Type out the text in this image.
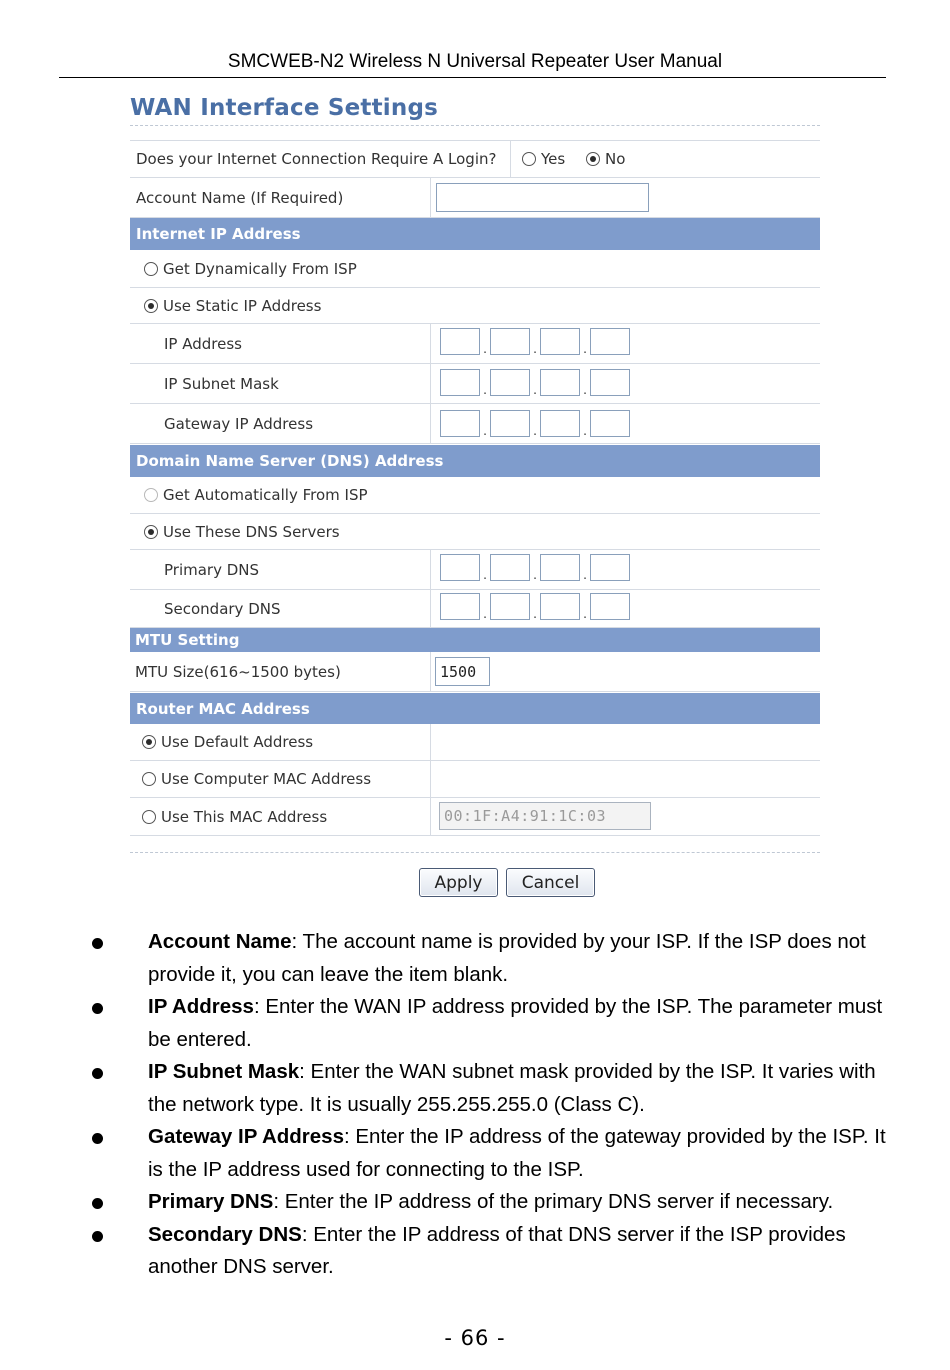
SMCWEB-N2 Wireless N Universal Repeater User Manual
WAN Interface Settings
Does your Internet Connection Require A Login?	Yes	No
Account Name (If Required)
Internet IP Address
Get Dynamically From ISP
Use Static IP Address
IP Address	.	.	.
IP Subnet Mask	.	.	.
Gateway IP Address	.	.	.
Domain Name Server (DNS) Address
Get Automatically From ISP
Use These DNS Servers
Primary DNS	.	.	.
Secondary DNS	.	.	.
MTU Setting
MTU Size(616~1500 bytes)	1500
Router MAC Address
Use Default Address
Use Computer MAC Address
Use This MAC Address	00:1F:A4:91:1C:03
Apply	Cancel
Account Name: The account name is provided by your ISP. If the ISP does not provide it, you can leave the item blank.
IP Address: Enter the WAN IP address provided by the ISP. The parameter must be entered.
IP Subnet Mask: Enter the WAN subnet mask provided by the ISP. It varies with the network type. It is usually 255.255.255.0 (Class C).
Gateway IP Address: Enter the IP address of the gateway provided by the ISP. It is the IP address used for connecting to the ISP.
Primary DNS: Enter the IP address of the primary DNS server if necessary.
Secondary DNS: Enter the IP address of that DNS server if the ISP provides another DNS server.
- 66 -
